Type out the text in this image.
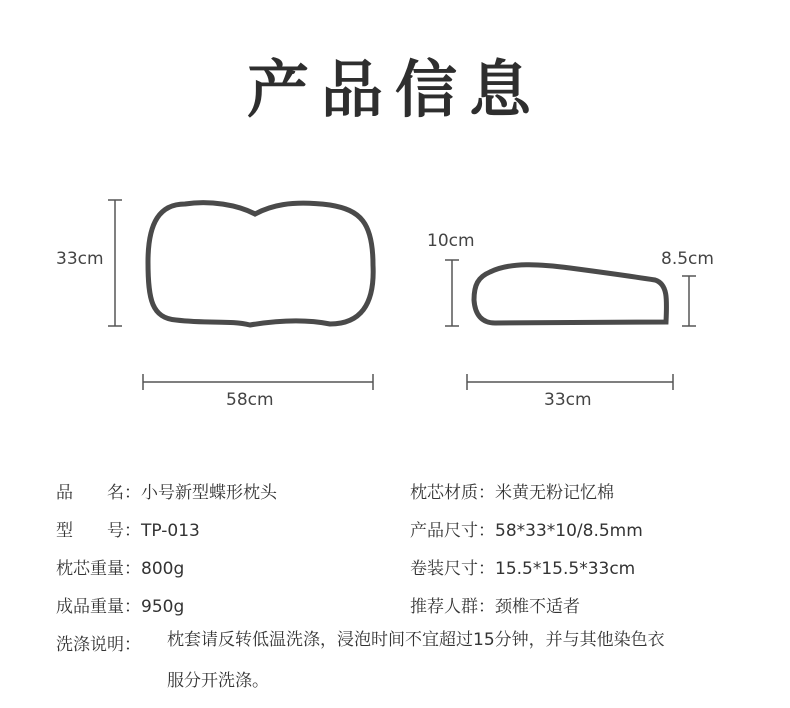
产品信息
33cm
58cm
10cm
8.5cm
33cm
品　　名：小号新型蝶形枕头
型　　号：TP-013
枕芯重量：800g
成品重量：950g
枕芯材质：米黄无粉记忆棉
产品尺寸：58*33*10/8.5mm
卷装尺寸：15.5*15.5*33cm
推荐人群：颈椎不适者
洗涤说明： 枕套请反转低温洗涤，浸泡时间不宜超过15分钟，并与其他染色衣
服分开洗涤。
